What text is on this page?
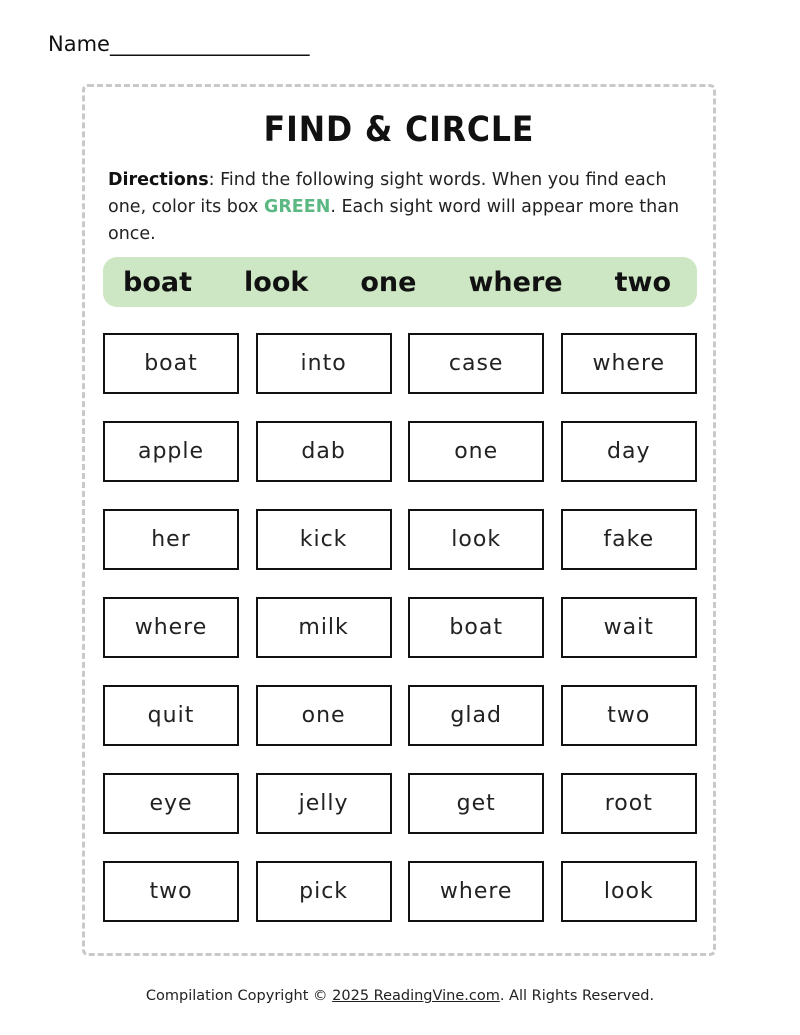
Name___________________
FIND & CIRCLE
Directions: Find the following sight words. When you find each one, color its box GREEN. Each sight word will appear more than once.
boat look one where two
boat	into	case	where
apple	dab	one	day
her	kick	look	fake
where	milk	boat	wait
quit	one	glad	two
eye	jelly	get	root
two	pick	where	look
Compilation Copyright © 2025 ReadingVine.com. All Rights Reserved.
